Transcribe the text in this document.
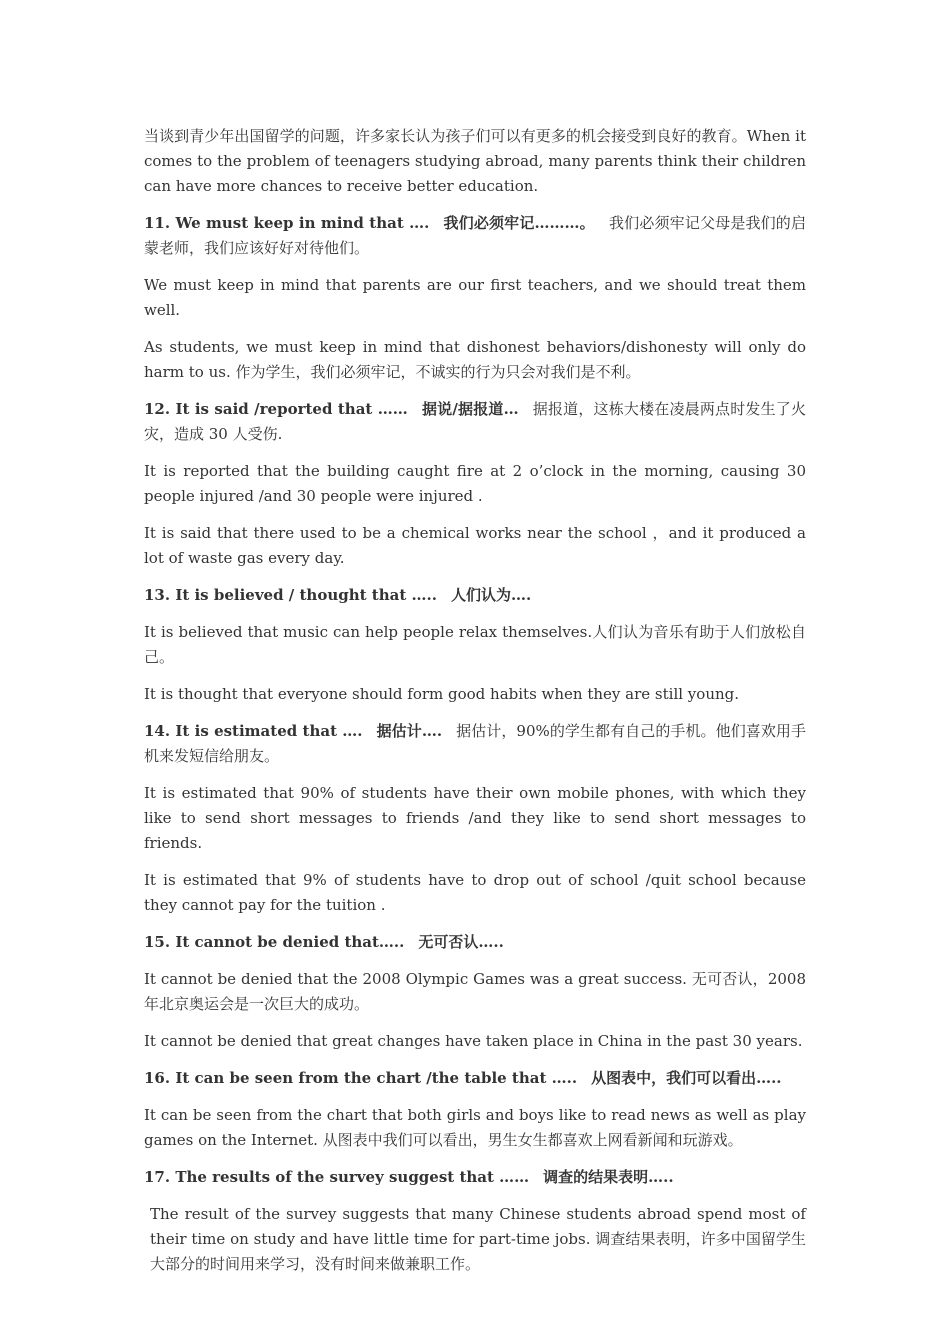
当谈到青少年出国留学的问题，许多家长认为孩子们可以有更多的机会接受到良好的教育。When it comes to the problem of teenagers studying abroad, many parents think their children can have more chances to receive better education.

11. We must keep in mind that …. 我们必须牢记………。 我们必须牢记父母是我们的启蒙老师，我们应该好好对待他们。

We must keep in mind that parents are our first teachers, and we should treat them well.

As students, we must keep in mind that dishonest behaviors/dishonesty will only do harm to us. 作为学生，我们必须牢记，不诚实的行为只会对我们是不利。

12. It is said /reported that …… 据说/据报道… 据报道，这栋大楼在凌晨两点时发生了火灾，造成 30 人受伤.

It is reported that the building caught fire at 2 o’clock in the morning, causing 30 people injured /and 30 people were injured .

It is said that there used to be a chemical works near the school ，and it produced a lot of waste gas every day.

13. It is believed / thought that ….. 人们认为….

It is believed that music can help people relax themselves.人们认为音乐有助于人们放松自己。

It is thought that everyone should form good habits when they are still young.

14. It is estimated that …. 据估计…. 据估计，90%的学生都有自己的手机。他们喜欢用手机来发短信给朋友。

It is estimated that 90% of students have their own mobile phones, with which they like to send short messages to friends /and they like to send short messages to friends.

It is estimated that 9% of students have to drop out of school /quit school because they cannot pay for the tuition .

15. It cannot be denied that….. 无可否认…..

It cannot be denied that the 2008 Olympic Games was a great success. 无可否认，2008 年北京奥运会是一次巨大的成功。

It cannot be denied that great changes have taken place in China in the past 30 years.

16. It can be seen from the chart /the table that ….. 从图表中，我们可以看出…..

It can be seen from the chart that both girls and boys like to read news as well as play games on the Internet. 从图表中我们可以看出，男生女生都喜欢上网看新闻和玩游戏。

17. The results of the survey suggest that …… 调查的结果表明…..

The result of the survey suggests that many Chinese students abroad spend most of their time on study and have little time for part-time jobs. 调查结果表明，许多中国留学生大部分的时间用来学习，没有时间来做兼职工作。
